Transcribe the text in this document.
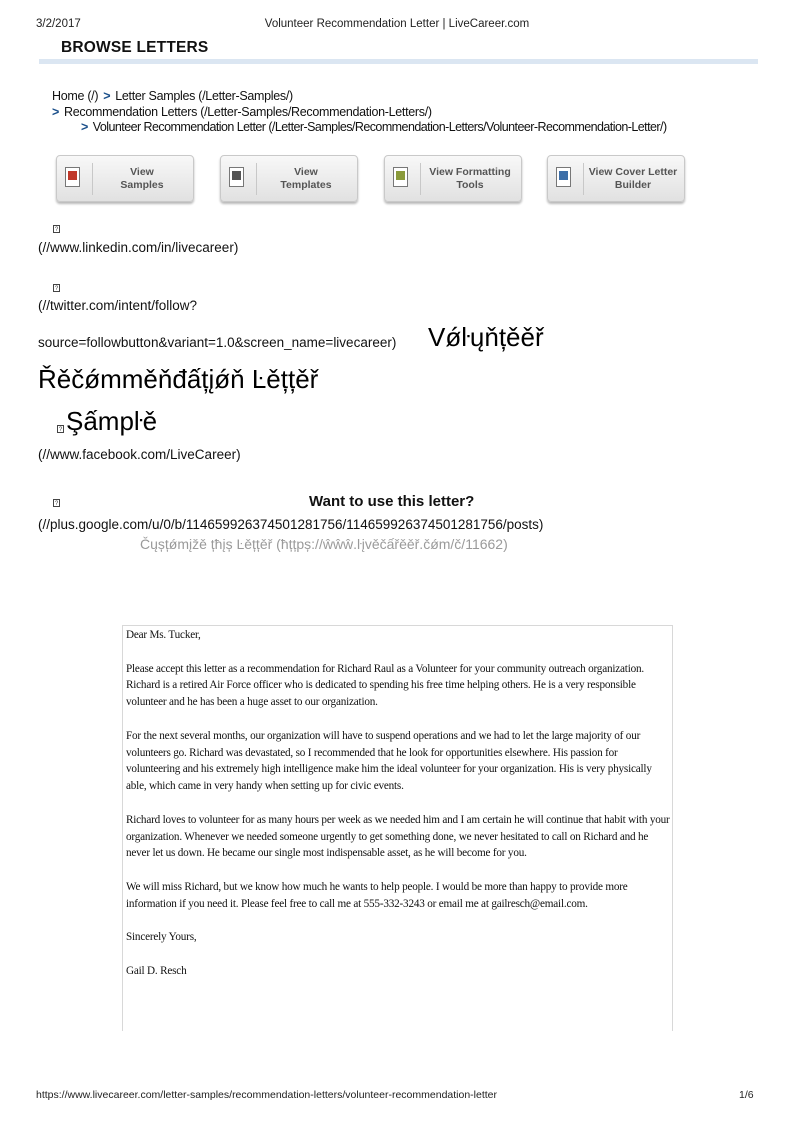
3/2/2017	Volunteer Recommendation Letter | LiveCareer.com
BROWSE LETTERS
Home (/) > Letter Samples (/Letter-Samples/)
> Recommendation Letters (/Letter-Samples/Recommendation-Letters/)
> Volunteer Recommendation Letter (/Letter-Samples/Recommendation-Letters/Volunteer-Recommendation-Letter/)
View
Samples
View
Templates
View Formatting
Tools
View Cover Letter
Builder
?
(//www.linkedin.com/in/livecareer)
?
(//twitter.com/intent/follow?
source=followbutton&variant=1.0&screen_name=livecareer) Vǿŀųňțěěř
Řěčǿmměňđấțįǿň Ŀěțțěř
? Şấmpŀě
(//www.facebook.com/LiveCareer)
?	Want to use this letter?
(//plus.google.com/u/0/b/114659926374501281756/114659926374501281756/posts)
Čųșțǿmįžě țħįș Ŀěțțěř (ħțțpș://ŵŵŵ.ŀįvěčấřěěř.čǿm/č/11662)

Dear Ms. Tucker,

Please accept this letter as a recommendation for Richard Raul as a Volunteer for your community outreach organization. Richard is a retired Air Force officer who is dedicated to spending his free time helping others. He is a very responsible volunteer and he has been a huge asset to our organization.

For the next several months, our organization will have to suspend operations and we had to let the large majority of our volunteers go. Richard was devastated, so I recommended that he look for opportunities elsewhere. His passion for volunteering and his extremely high intelligence make him the ideal volunteer for your organization. His is very physically able, which came in very handy when setting up for civic events.

Richard loves to volunteer for as many hours per week as we needed him and I am certain he will continue that habit with your organization. Whenever we needed someone urgently to get something done, we never hesitated to call on Richard and he never let us down. He became our single most indispensable asset, as he will become for you.

We will miss Richard, but we know how much he wants to help people. I would be more than happy to provide more information if you need it. Please feel free to call me at 555-332-3243 or email me at gailresch@email.com.

Sincerely Yours,

Gail D. Resch

https://www.livecareer.com/letter-samples/recommendation-letters/volunteer-recommendation-letter	1/6
